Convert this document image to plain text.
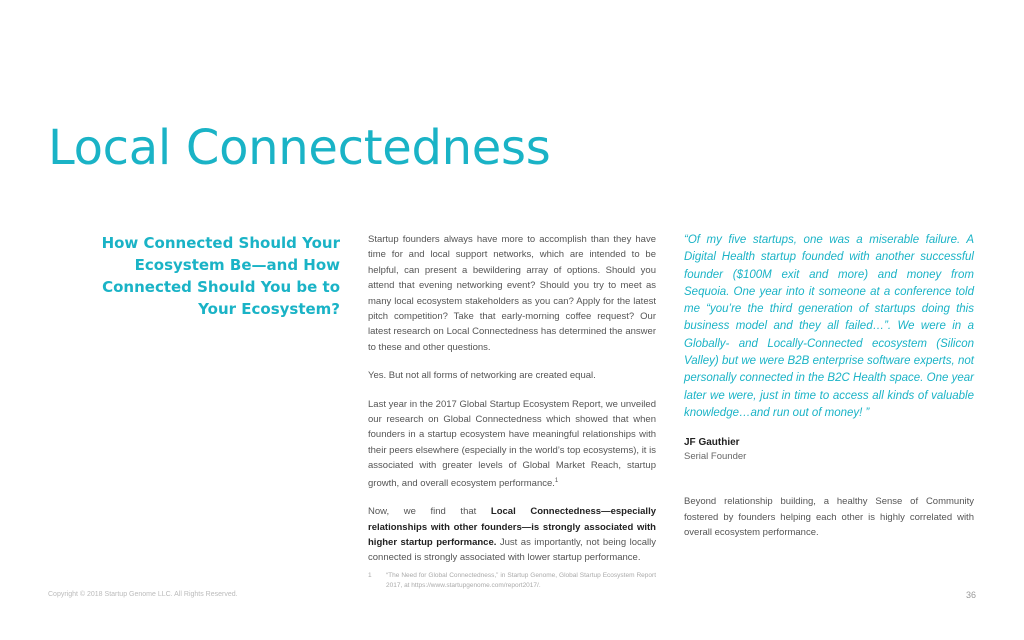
Local Connectedness
How Connected Should Your Ecosystem Be—and How Connected Should You be to Your Ecosystem?

Startup founders always have more to accomplish than they have time for and local support networks, which are intended to be helpful, can present a bewildering array of options. Should you attend that evening networking event? Should you try to meet as many local ecosystem stakeholders as you can? Apply for the latest pitch competition? Take that early-morning coffee request? Our latest research on Local Connectedness has determined the answer to these and other questions.

Yes. But not all forms of networking are created equal.

Last year in the 2017 Global Startup Ecosystem Report, we unveiled our research on Global Connectedness which showed that when founders in a startup ecosystem have meaningful relationships with their peers elsewhere (especially in the world’s top ecosystems), it is associated with greater levels of Global Market Reach, startup growth, and overall ecosystem performance.$^1$

Now, we find that Local Connectedness—especially relationships with other founders—is strongly associated with higher startup performance. Just as importantly, not being locally connected is strongly associated with lower startup performance.

1	“The Need for Global Connectedness,” in Startup Genome, Global Startup Ecosystem Report 2017, at https://www.startupgenome.com/report2017/.

“Of my five startups, one was a miserable failure. A Digital Health startup founded with another successful founder ($100M exit and more) and money from Sequoia. One year into it someone at a conference told me “you’re the third generation of startups doing this business model and they all failed…”. We were in a Globally- and Locally-Connected ecosystem (Silicon Valley) but we were B2B enterprise software experts, not personally connected in the B2C Health space. One year later we were, just in time to access all kinds of valuable knowledge…and run out of money! ”

JF Gauthier
Serial Founder
Beyond relationship building, a healthy Sense of Community fostered by founders helping each other is highly correlated with overall ecosystem performance.
Copyright © 2018 Startup Genome LLC. All Rights Reserved.	36
